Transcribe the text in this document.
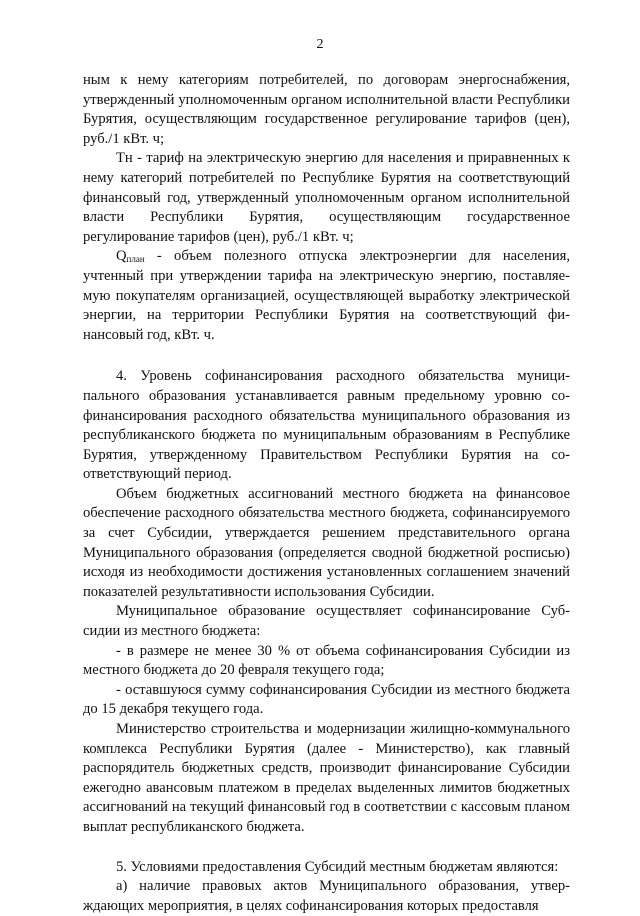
2

ным к нему категориям потребителей, по договорам энергоснабжения, утвержденный уполномоченным органом исполнительной власти Республики Бурятия, осуществляющим государственное регулирование тарифов (цен), руб./1 кВт. ч;

Тн - тариф на электрическую энергию для населения и приравненных к нему категорий потребителей по Республике Бурятия на соответствующий финансовый год, утвержденный уполномоченным органом исполнительной власти Республики Бурятия, осуществляющим государственное регулирование тарифов (цен), руб./1 кВт. ч;

$Q_{план}$ - объем полезного отпуска электроэнергии для населения, учтенный при утверждении тарифа на электрическую энергию, поставляемую покупателям организацией, осуществляющей выработку электрической энергии, на территории Республики Бурятия на соответствующий финансовый год, кВт. ч.

4. Уровень софинансирования расходного обязательства муниципального образования устанавливается равным предельному уровню софинансирования расходного обязательства муниципального образования из республиканского бюджета по муниципальным образованиям в Республике Бурятия, утвержденному Правительством Республики Бурятия на соответствующий период.

Объем бюджетных ассигнований местного бюджета на финансовое обеспечение расходного обязательства местного бюджета, софинансируемого за счет Субсидии, утверждается решением представительного органа Муниципального образования (определяется сводной бюджетной росписью) исходя из необходимости достижения установленных соглашением значений показателей результативности использования Субсидии.

Муниципальное образование осуществляет софинансирование Субсидии из местного бюджета:

- в размере не менее 30 % от объема софинансирования Субсидии из местного бюджета до 20 февраля текущего года;

- оставшуюся сумму софинансирования Субсидии из местного бюджета до 15 декабря текущего года.

Министерство строительства и модернизации жилищно-коммунального комплекса Республики Бурятия (далее - Министерство), как главный распорядитель бюджетных средств, производит финансирование Субсидии ежегодно авансовым платежом в пределах выделенных лимитов бюджетных ассигнований на текущий финансовый год в соответствии с кассовым планом выплат республиканского бюджета.

5. Условиями предоставления Субсидий местным бюджетам являются:

а) наличие правовых актов Муниципального образования, утверждающих мероприятия, в целях софинансирования которых предоставля
